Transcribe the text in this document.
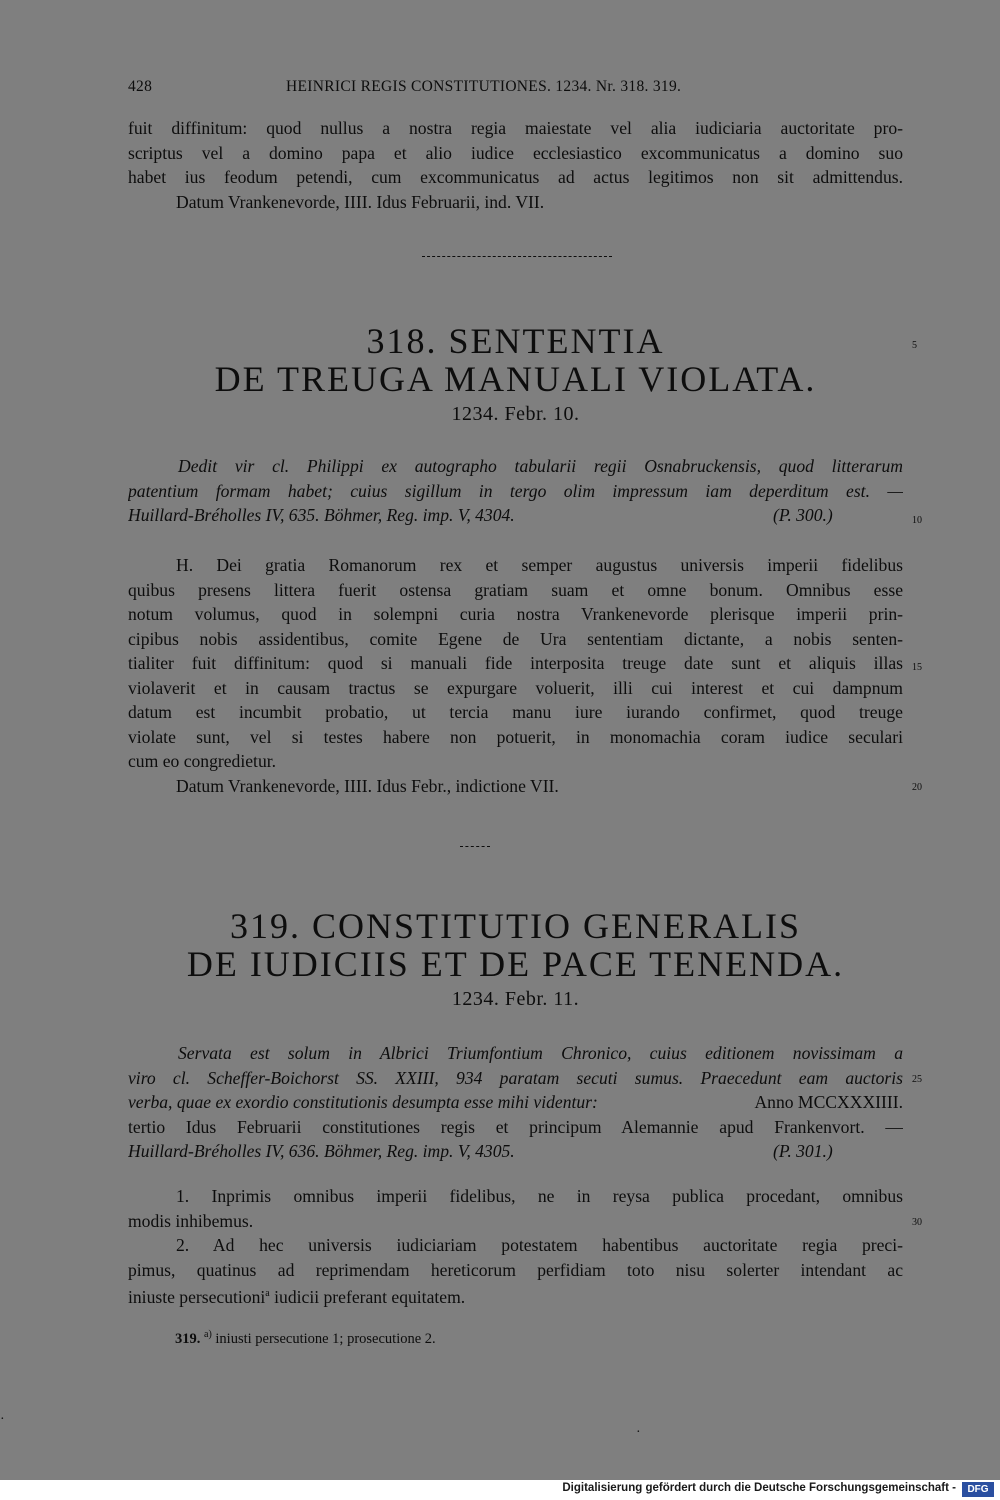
428	HEINRICI REGIS CONSTITUTIONES. 1234. Nr. 318. 319.
fuit diffinitum: quod nullus a nostra regia maiestate vel alia iudiciaria auctoritate pro-
scriptus vel a domino papa et alio iudice ecclesiastico excommunicatus a domino suo
habet ius feodum petendi, cum excommunicatus ad actus legitimos non sit admittendus.
Datum Vrankenevorde, IIII. Idus Februarii, ind. VII.
318. SENTENTIA
DE TREUGA MANUALI VIOLATA.
1234. Febr. 10.
Dedit vir cl. Philippi ex autographo tabularii regii Osnabruckensis, quod litterarum
patentium formam habet; cuius sigillum in tergo olim impressum iam deperditum est. —
Huillard-Bréholles IV, 635. Böhmer, Reg. imp. V, 4304.	(P. 300.)
H. Dei gratia Romanorum rex et semper augustus universis imperii fidelibus
quibus presens littera fuerit ostensa gratiam suam et omne bonum. Omnibus esse
notum volumus, quod in solempni curia nostra Vrankenevorde plerisque imperii prin-
cipibus nobis assidentibus, comite Egene de Ura sententiam dictante, a nobis senten-
tialiter fuit diffinitum: quod si manuali fide interposita treuge date sunt et aliquis illas
violaverit et in causam tractus se expurgare voluerit, illi cui interest et cui dampnum
datum est incumbit probatio, ut tercia manu iure iurando confirmet, quod treuge
violate sunt, vel si testes habere non potuerit, in monomachia coram iudice seculari
cum eo congredietur.
Datum Vrankenevorde, IIII. Idus Febr., indictione VII.
319. CONSTITUTIO GENERALIS
DE IUDICIIS ET DE PACE TENENDA.
1234. Febr. 11.
Servata est solum in Albrici Triumfontium Chronico, cuius editionem novissimam a
viro cl. Scheffer-Boichorst SS. XXIII, 934 paratam secuti sumus. Praecedunt eam auctoris
verba, quae ex exordio constitutionis desumpta esse mihi videntur:	Anno MCCXXXIIII.
tertio Idus Februarii constitutiones regis et principum Alemannie apud Frankenvort. —
Huillard-Bréholles IV, 636. Böhmer, Reg. imp. V, 4305.	(P. 301.)
1. Inprimis omnibus imperii fidelibus, ne in reysa publica procedant, omnibus
modis inhibemus.
2. Ad hec universis iudiciariam potestatem habentibus auctoritate regia preci-
pimus, quatinus ad reprimendam hereticorum perfidiam toto nisu solerter intendant ac
iniuste persecutioni$^a$ iudicii preferant equitatem.
5
10
15
20
25
30
319. $^{a)}$ iniusti persecutione 1; prosecutione 2.
·
·
Digitalisierung gefördert durch die Deutsche Forschungsgemeinschaft -	DFG
